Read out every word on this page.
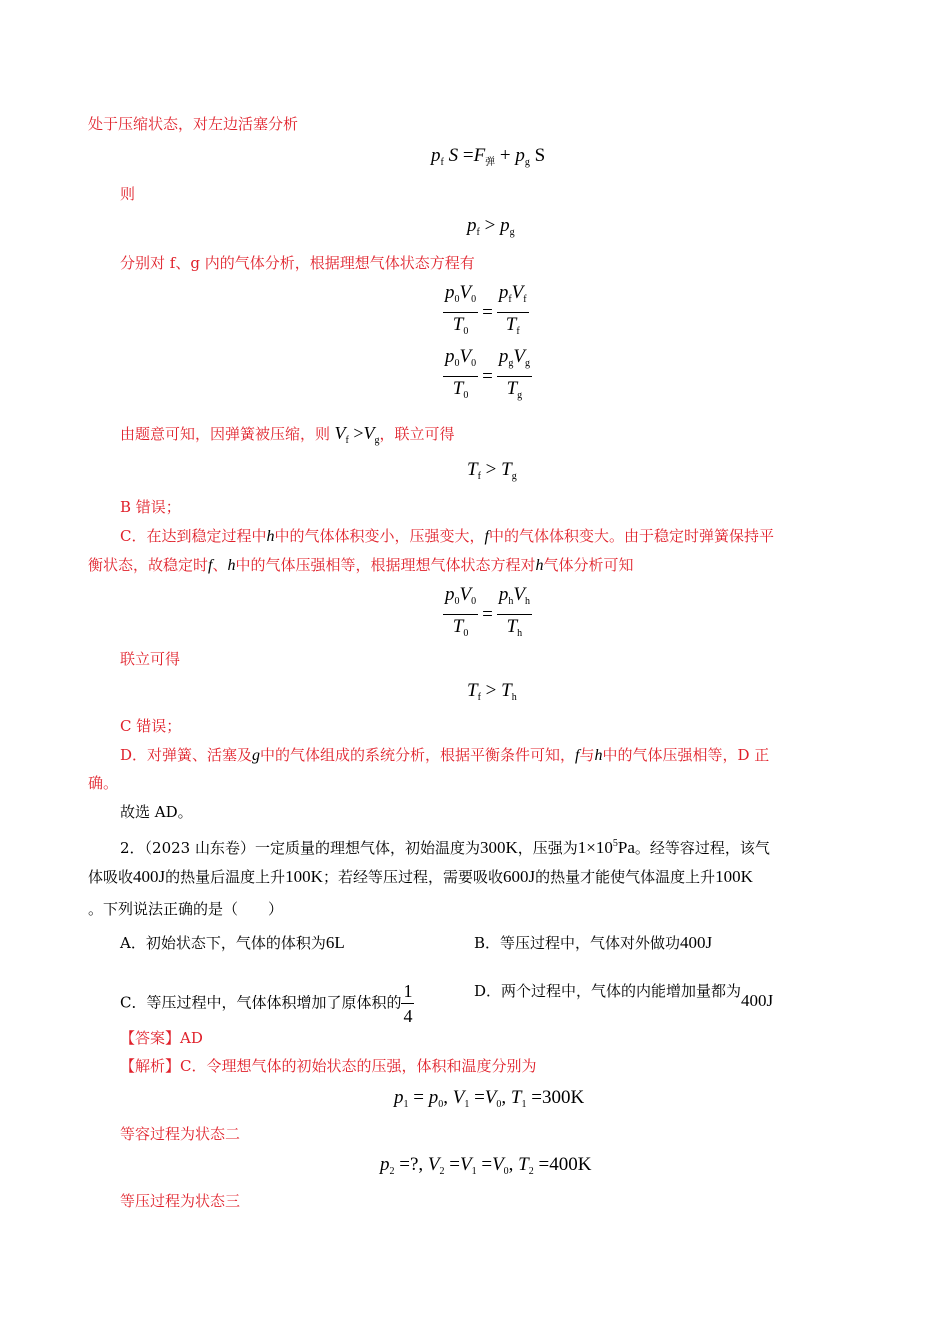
处于压缩状态，对左边活塞分析
$p_f$ $S =F_弹 + p_g$ S
则
$p_f > p_g$
分别对 f、g 内的气体分析，根据理想气体状态方程有
$\frac{p_0V_0}{T_0} = \frac{p_fV_f}{T_f}$
$\frac{p_0V_0}{T_0} = \frac{p_gV_g}{T_g}$
由题意可知，因弹簧被压缩，则 $V_f >V_g$，联立可得
$T_f > T_g$
B 错误；
C．在达到稳定过程中h中的气体体积变小，压强变大，f中的气体体积变大。由于稳定时弹簧保持平
衡状态，故稳定时f、h中的气体压强相等，根据理想气体状态方程对h气体分析可知
$\frac{p_0V_0}{T_0} = \frac{p_hV_h}{T_h}$
联立可得
$T_f > T_h$
C 错误；
D．对弹簧、活塞及g中的气体组成的系统分析，根据平衡条件可知，f与h中的气体压强相等，D 正
确。
故选 AD。
2．（2023 山东卷）一定质量的理想气体，初始温度为300K，压强为$1\times 10^5Pa$。经等容过程，该气
体吸收400J的热量后温度上升100K；若经等压过程，需要吸收600J的热量才能使气体温度上升100K
。下列说法正确的是（　　）
A．初始状态下，气体的体积为6L	B．等压过程中，气体对外做功400J
C．等压过程中，气体体积增加了原体积的 $\frac{1}{4}$	D．两个过程中，气体的内能增加量都为400J
【答案】AD
【解析】C．令理想气体的初始状态的压强，体积和温度分别为
$p_1 = p_0$, $V_1 =V_0$, $T_1 =300K$
等容过程为状态二
$p_2$ =?, $V_2 =V_1 =V_0$, $T_2 =400K$
等压过程为状态三
